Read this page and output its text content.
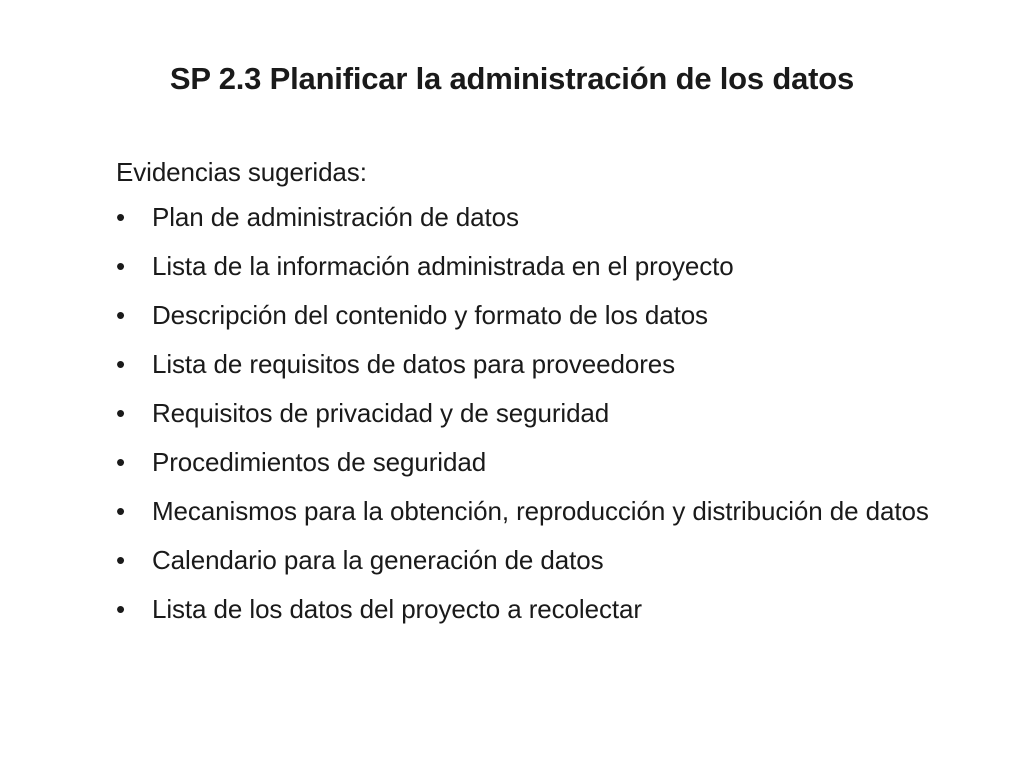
SP 2.3 Planificar la administración de los datos
Evidencias sugeridas:
•	Plan de administración de datos
•	Lista de la información administrada en el proyecto
•	Descripción del contenido y formato de los datos
•	Lista de requisitos de datos para proveedores
•	Requisitos de privacidad y de seguridad
•	Procedimientos de seguridad
•	Mecanismos para la obtención, reproducción y distribución de datos
•	Calendario para la generación de datos
•	Lista de los datos del proyecto a recolectar
